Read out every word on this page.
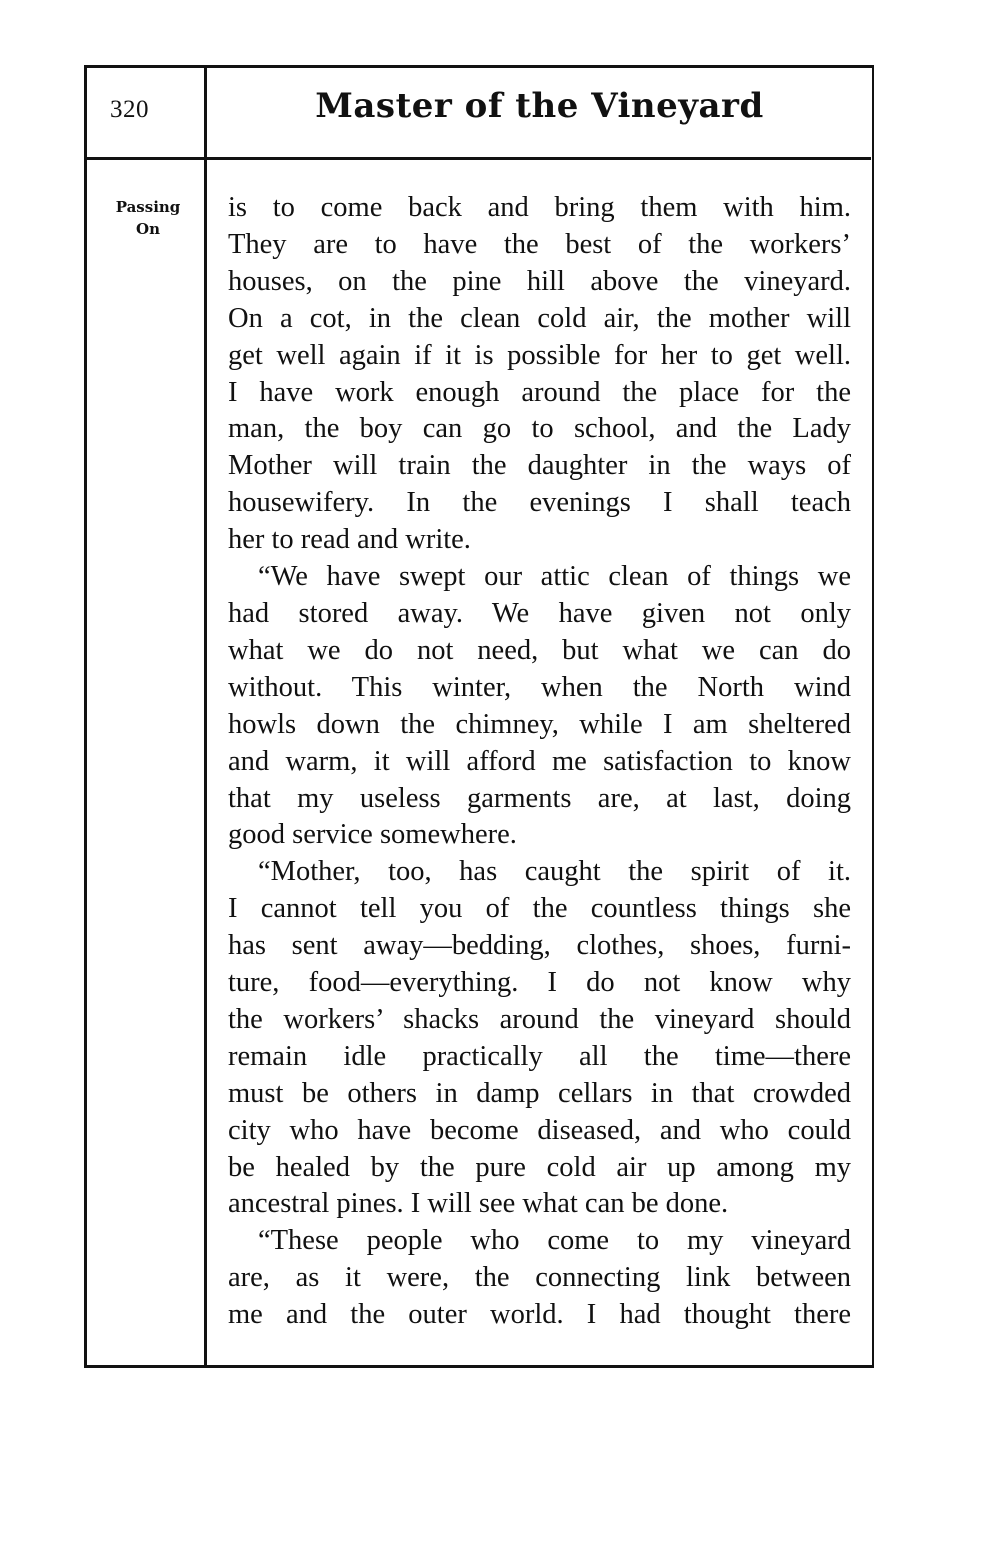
320	Master of the Vineyard
Passing
On
is to come back and bring them with him.
They are to have the best of the workers’
houses, on the pine hill above the vineyard.
On a cot, in the clean cold air, the mother will
get well again if it is possible for her to get well.
I have work enough around the place for the
man, the boy can go to school, and the Lady
Mother will train the daughter in the ways of
housewifery. In the evenings I shall teach
her to read and write.
“We have swept our attic clean of things we
had stored away. We have given not only
what we do not need, but what we can do
without. This winter, when the North wind
howls down the chimney, while I am sheltered
and warm, it will afford me satisfaction to know
that my useless garments are, at last, doing
good service somewhere.
“Mother, too, has caught the spirit of it.
I cannot tell you of the countless things she
has sent away—bedding, clothes, shoes, furni-
ture, food—everything. I do not know why
the workers’ shacks around the vineyard should
remain idle practically all the time—there
must be others in damp cellars in that crowded
city who have become diseased, and who could
be healed by the pure cold air up among my
ancestral pines. I will see what can be done.
“These people who come to my vineyard
are, as it were, the connecting link between
me and the outer world. I had thought there
